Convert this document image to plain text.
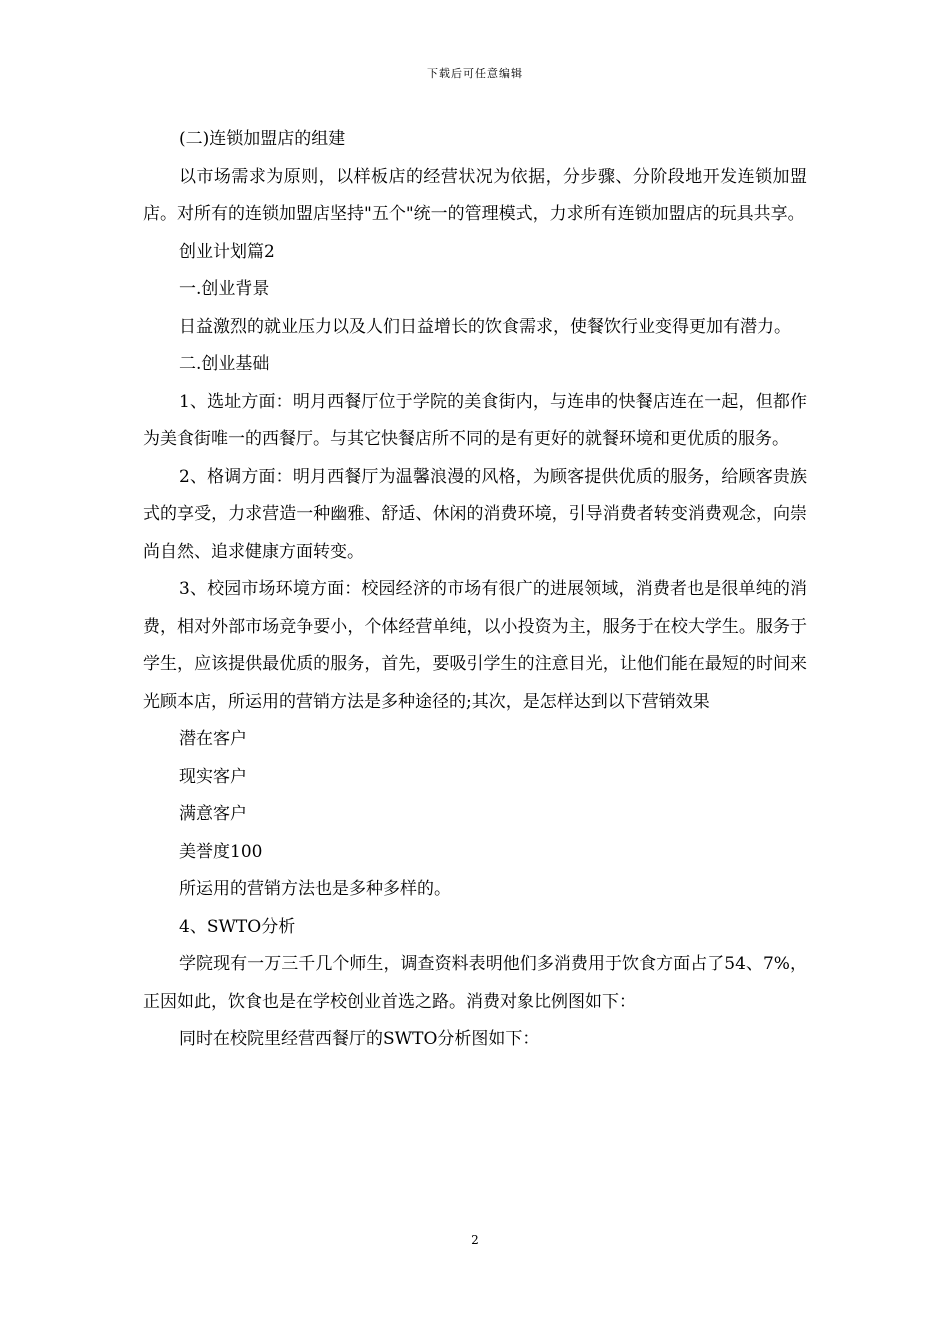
下载后可任意编辑

(二)连锁加盟店的组建

以市场需求为原则，以样板店的经营状况为依据，分步骤、分阶段地开发连锁加盟店。对所有的连锁加盟店坚持"五个"统一的管理模式，力求所有连锁加盟店的玩具共享。

创业计划篇2

一.创业背景

日益激烈的就业压力以及人们日益增长的饮食需求，使餐饮行业变得更加有潜力。

二.创业基础

1、选址方面：明月西餐厅位于学院的美食街内，与连串的快餐店连在一起，但都作为美食街唯一的西餐厅。与其它快餐店所不同的是有更好的就餐环境和更优质的服务。

2、格调方面：明月西餐厅为温馨浪漫的风格，为顾客提供优质的服务，给顾客贵族式的享受，力求营造一种幽雅、舒适、休闲的消费环境，引导消费者转变消费观念，向崇尚自然、追求健康方面转变。

3、校园市场环境方面：校园经济的市场有很广的进展领域，消费者也是很单纯的消费，相对外部市场竞争要小，个体经营单纯，以小投资为主，服务于在校大学生。服务于学生，应该提供最优质的服务，首先，要吸引学生的注意目光，让他们能在最短的时间来光顾本店，所运用的营销方法是多种途径的;其次，是怎样达到以下营销效果

潜在客户

现实客户

满意客户

美誉度100

所运用的营销方法也是多种多样的。

4、SWTO分析

学院现有一万三千几个师生，调查资料表明他们多消费用于饮食方面占了54、7%，正因如此，饮食也是在学校创业首选之路。消费对象比例图如下：

同时在校院里经营西餐厅的SWTO分析图如下：

2
